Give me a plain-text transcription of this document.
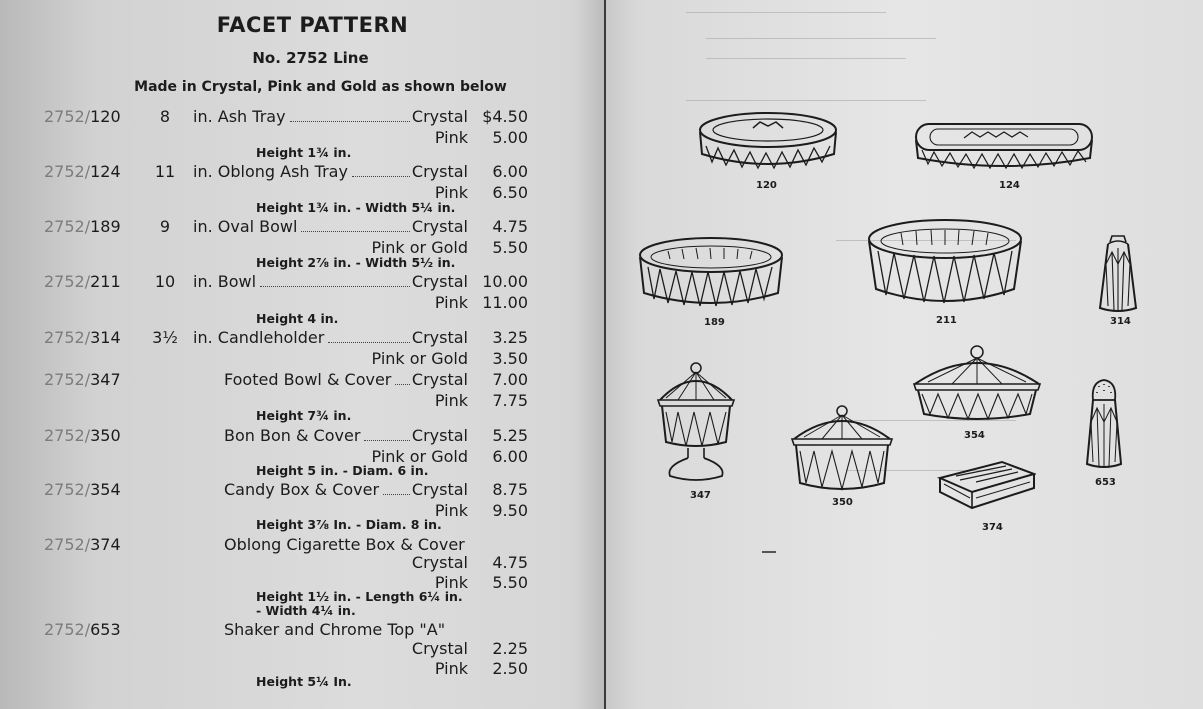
FACET PATTERN
No. 2752 Line
Made in Crystal, Pink and Gold as shown below
2752/120	8	in. Ash Tray	Crystal $4.50
Pink 5.00
Height 1¾ in.
2752/124	11	in. Oblong Ash Tray	Crystal 6.00
Pink 6.50
Height 1¾ in. - Width 5¼ in.
2752/189	9	in. Oval Bowl	Crystal 4.75
Pink or Gold 5.50
Height 2⅞ in. - Width 5½ in.
2752/211	10	in. Bowl	Crystal 10.00
Pink 11.00
Height 4 in.
2752/314 3½ in. Candleholder	Crystal 3.25
Pink or Gold 3.50
2752/347	Footed Bowl & Cover Crystal 7.00
Pink 7.75
Height 7¾ in.
2752/350	Bon Bon & Cover	Crystal 5.25
Pink or Gold 6.00
Height 5 in. - Diam. 6 in.
2752/354	Candy Box & Cover Crystal 8.75
Pink 9.50
Height 3⅞ In. - Diam. 8 in.
2752/374	Oblong Cigarette Box & Cover
Crystal 4.75
Pink 5.50
Height 1½ in. - Length 6¼ in.
- Width 4¼ in.
2752/653	Shaker and Chrome Top "A"
Crystal 2.25
Pink 2.50
Height 5¼ In.
120	124
189	211	314
347
350
354
374
653
